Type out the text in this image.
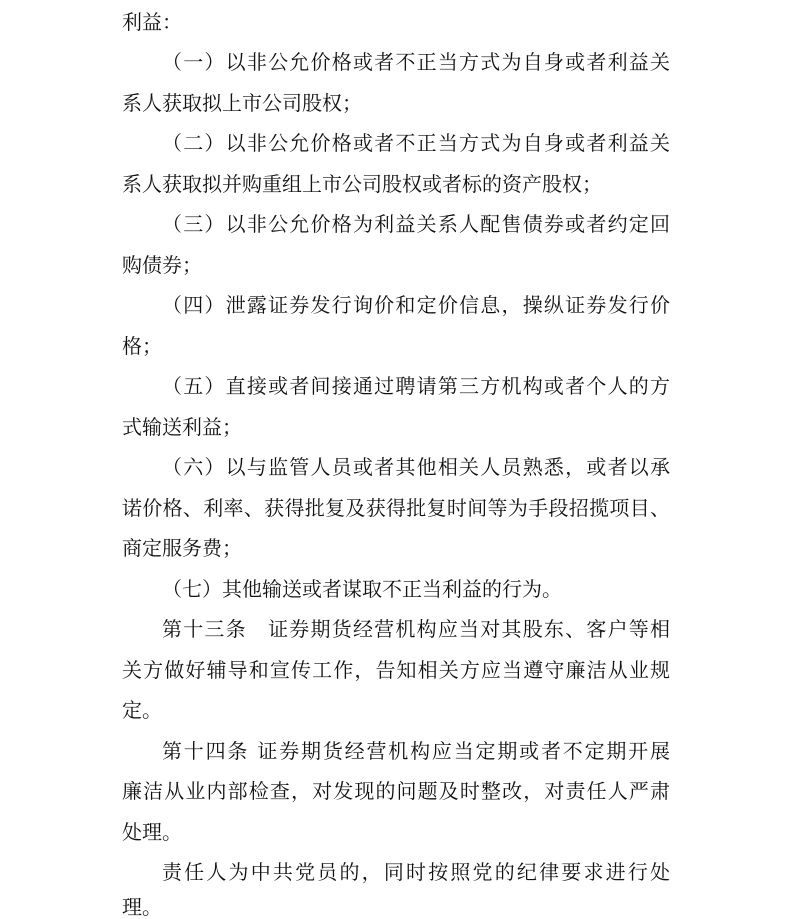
利益：
（一）以非公允价格或者不正当方式为自身或者利益关
系人获取拟上市公司股权；
（二）以非公允价格或者不正当方式为自身或者利益关
系人获取拟并购重组上市公司股权或者标的资产股权；
（三）以非公允价格为利益关系人配售债券或者约定回
购债券；
（四）泄露证券发行询价和定价信息，操纵证券发行价
格；
（五）直接或者间接通过聘请第三方机构或者个人的方
式输送利益；
（六）以与监管人员或者其他相关人员熟悉，或者以承
诺价格、利率、获得批复及获得批复时间等为手段招揽项目、
商定服务费；
（七）其他输送或者谋取不正当利益的行为。
第十三条　证券期货经营机构应当对其股东、客户等相
关方做好辅导和宣传工作，告知相关方应当遵守廉洁从业规
定。
第十四条 证券期货经营机构应当定期或者不定期开展
廉洁从业内部检查，对发现的问题及时整改，对责任人严肃
处理。
责任人为中共党员的，同时按照党的纪律要求进行处
理。
